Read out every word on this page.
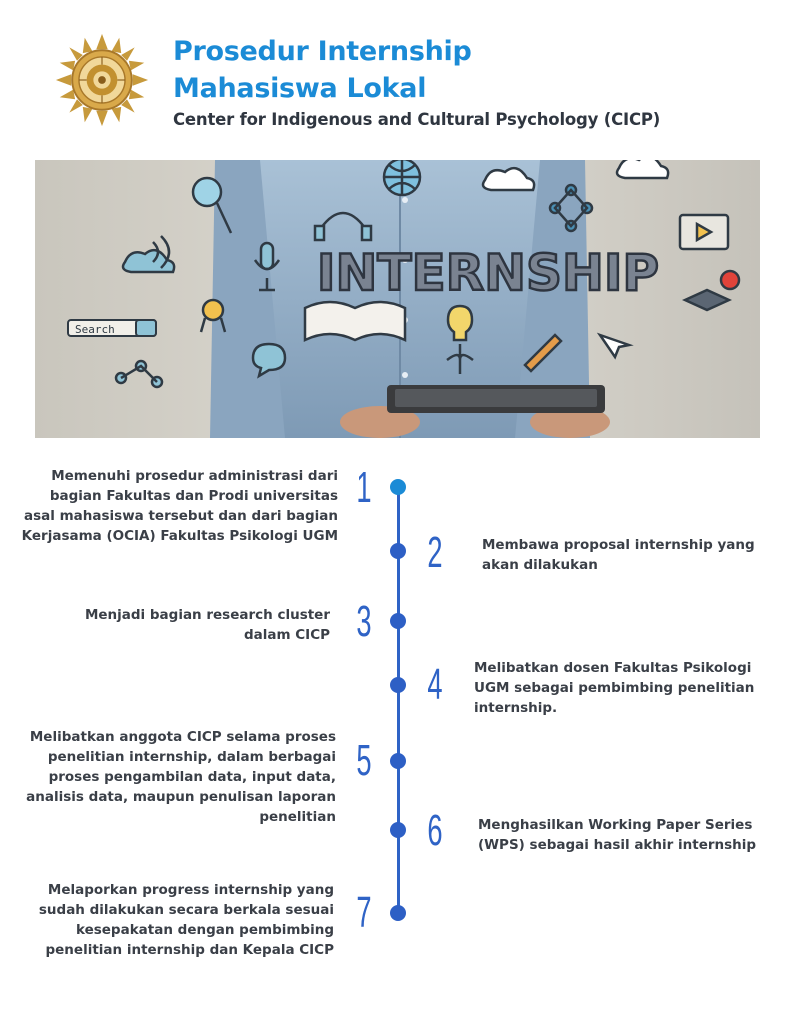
Prosedur Internship
Mahasiswa Lokal
Center for Indigenous and Cultural Psychology (CICP)
INTERNSHIP
Search
1
2
3
4
5
6
7
Memenuhi prosedur administrasi dari bagian Fakultas dan Prodi universitas asal mahasiswa tersebut dan dari bagian Kerjasama (OCIA) Fakultas Psikologi UGM
Membawa proposal internship yang akan dilakukan
Menjadi bagian research cluster dalam CICP
Melibatkan dosen Fakultas Psikologi UGM sebagai pembimbing penelitian internship.
Melibatkan anggota CICP selama proses penelitian internship, dalam berbagai proses pengambilan data, input data, analisis data, maupun penulisan laporan penelitian	Menghasilkan Working Paper Series (WPS) sebagai hasil akhir internship
Melaporkan progress internship yang sudah dilakukan secara berkala sesuai kesepakatan dengan pembimbing penelitian internship dan Kepala CICP
